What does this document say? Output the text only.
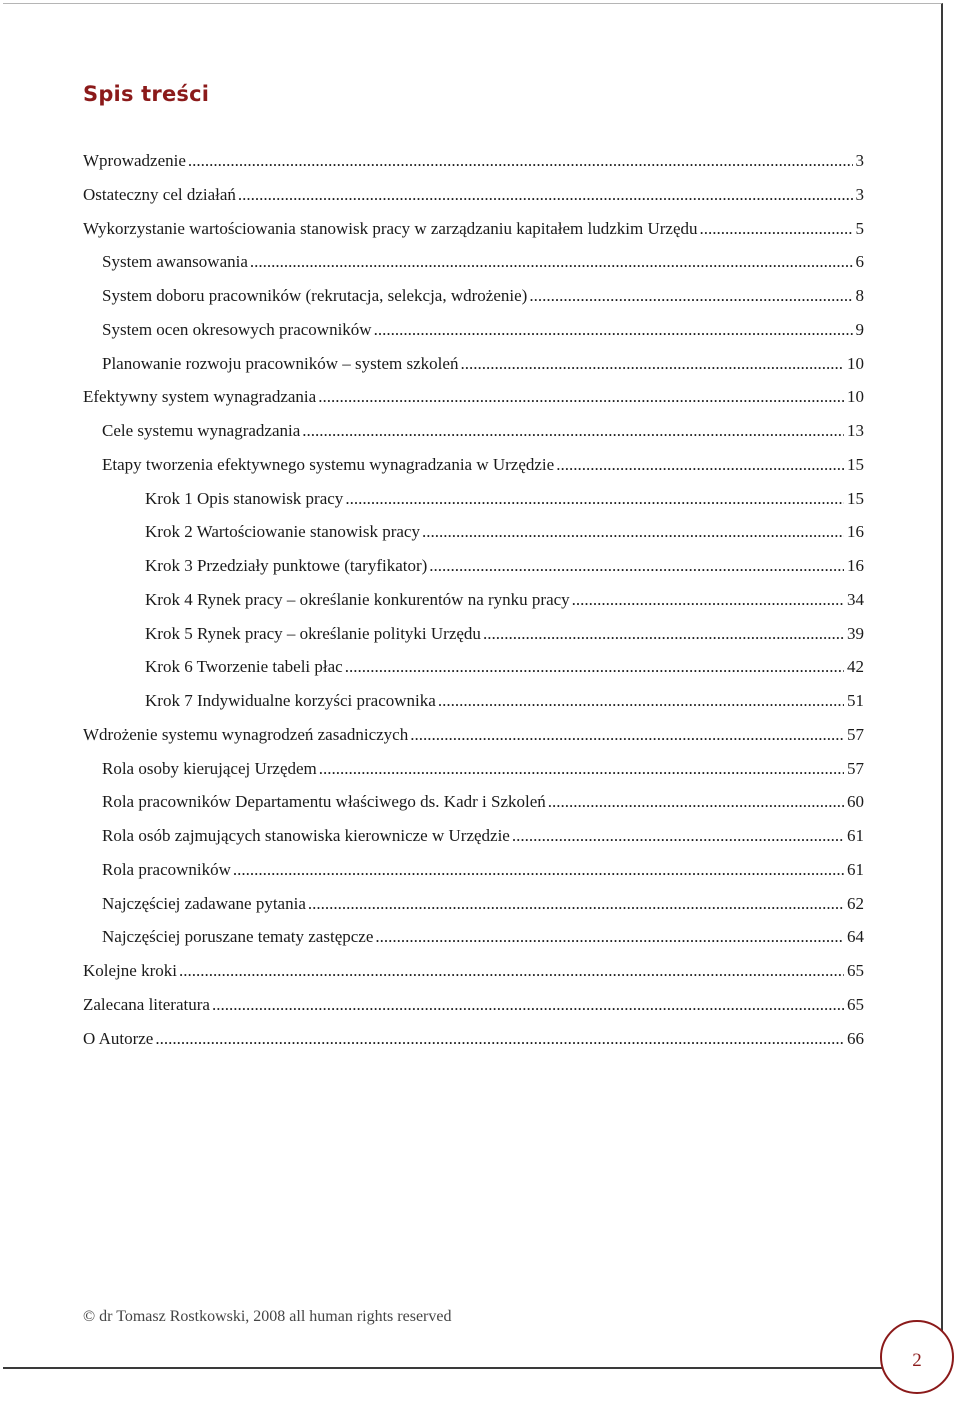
Spis treści
Wprowadzenie .....	3
Ostateczny cel działań .....	3
Wykorzystanie wartościowania stanowisk pracy w zarządzaniu kapitałem ludzkim Urzędu .....	5
System awansowania .....	6
System doboru pracowników (rekrutacja, selekcja, wdrożenie) .....	8
System ocen okresowych pracowników .....	9
Planowanie rozwoju pracowników – system szkoleń .....	10
Efektywny system wynagradzania .....	10
Cele systemu wynagradzania .....	13
Etapy tworzenia efektywnego systemu wynagradzania w Urzędzie .....	15
Krok 1 Opis stanowisk pracy .....	15
Krok 2 Wartościowanie stanowisk pracy .....	16
Krok 3 Przedziały punktowe (taryfikator) .....	16
Krok 4 Rynek pracy – określanie konkurentów na rynku pracy .....	34
Krok 5 Rynek pracy – określanie polityki Urzędu .....	39
Krok 6 Tworzenie tabeli płac .....	42
Krok 7 Indywidualne korzyści pracownika .....	51
Wdrożenie systemu wynagrodzeń zasadniczych .....	57
Rola osoby kierującej Urzędem .....	57
Rola pracowników Departamentu właściwego ds. Kadr i Szkoleń .....	60
Rola osób zajmujących stanowiska kierownicze w Urzędzie .....	61
Rola pracowników .....	61
Najczęściej zadawane pytania .....	62
Najczęściej poruszane tematy zastępcze .....	64
Kolejne kroki .....	65
Zalecana literatura .....	65
O Autorze .....	66
© dr Tomasz Rostkowski, 2008 all human rights reserved
2
